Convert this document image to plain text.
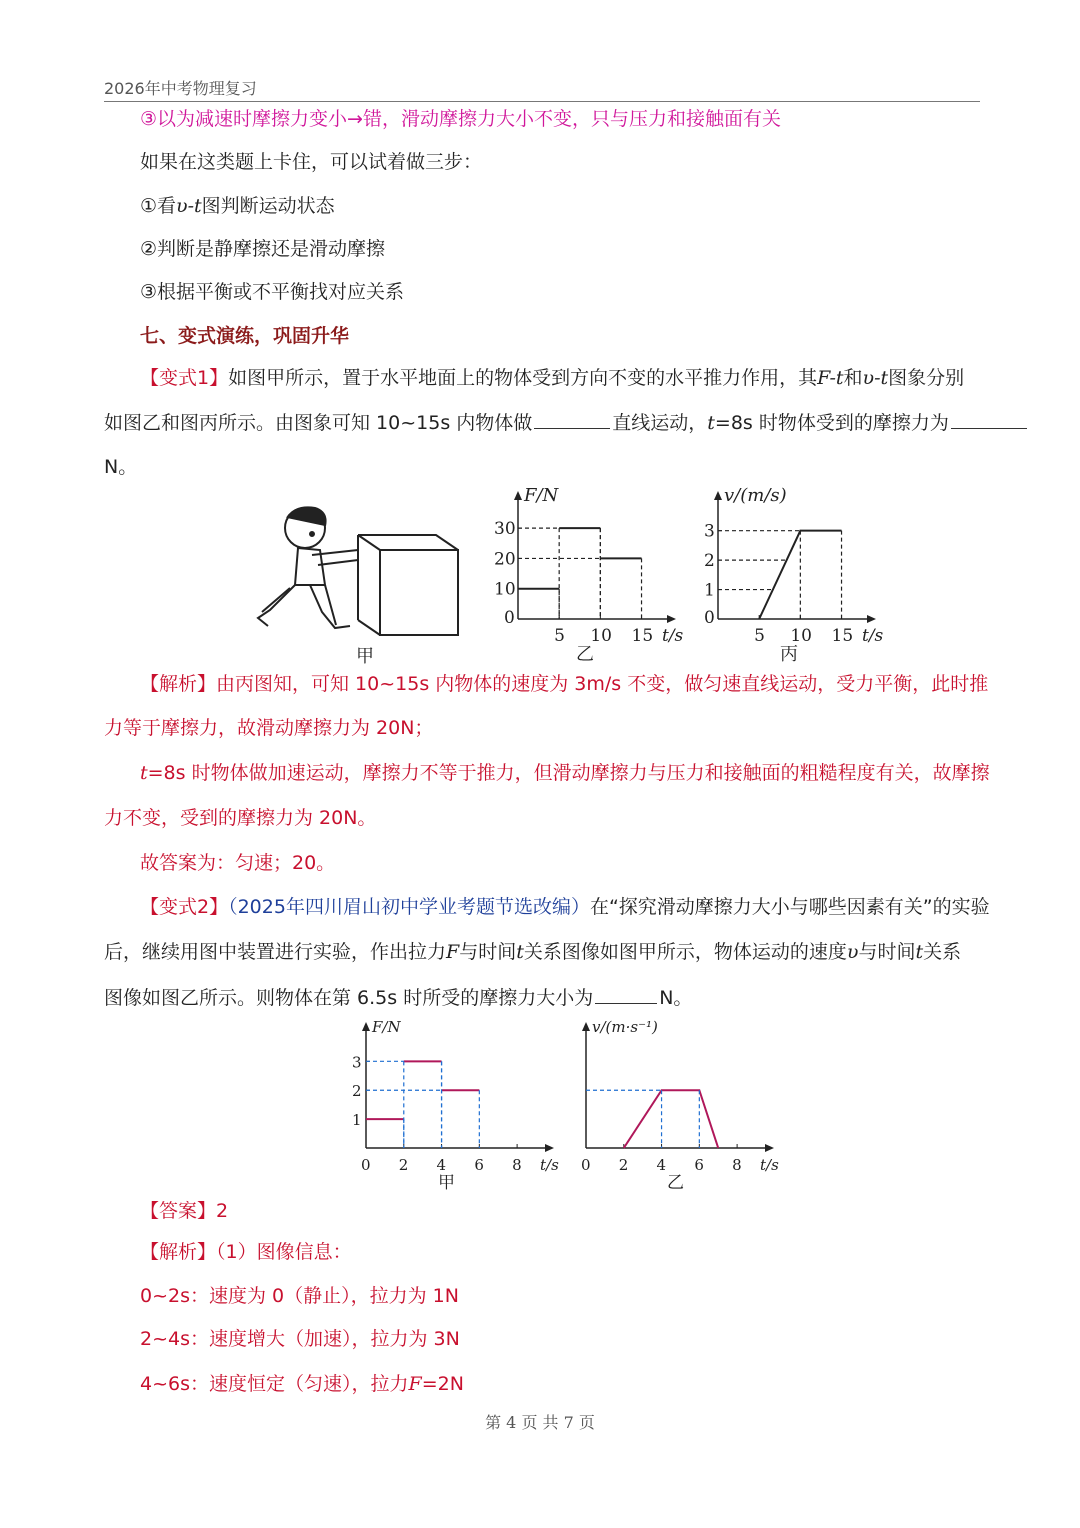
2026年中考物理复习
③以为减速时摩擦力变小→错，滑动摩擦力大小不变，只与压力和接触面有关
如果在这类题上卡住，可以试着做三步：
①看υ-t图判断运动状态
②判断是静摩擦还是滑动摩擦
③根据平衡或不平衡找对应关系
七、变式演练，巩固升华
【变式1】如图甲所示，置于水平地面上的物体受到方向不变的水平推力作用，其F-t和υ-t图象分别
如图乙和图丙所示。由图象可知 10~15s 内物体做	直线运动，t=8s 时物体受到的摩擦力为
N。
甲	乙
F/N
t/s
0
5 10 15
10
20
30
丙
v/(m/s)
t/s
0
5 10 15
1
2
3
【解析】由丙图知，可知 10~15s 内物体的速度为 3m/s 不变，做匀速直线运动，受力平衡，此时推
力等于摩擦力，故滑动摩擦力为 20N；
t=8s 时物体做加速运动，摩擦力不等于推力，但滑动摩擦力与压力和接触面的粗糙程度有关，故摩擦
力不变，受到的摩擦力为 20N。
故答案为：匀速；20。
【变式2】（2025年四川眉山初中学业考题节选改编）在“探究滑动摩擦力大小与哪些因素有关”的实验
后，继续用图中装置进行实验，作出拉力F与时间t关系图像如图甲所示，物体运动的速度υ与时间t关系
图像如图乙所示。则物体在第 6.5s 时所受的摩擦力大小为	N。
甲
F/N
t/s
0 2 4 6 8
1
2
3
乙
v/(m·s⁻¹)
t/s
0 2 4 6 8
【答案】2
【解析】（1）图像信息：
0~2s：速度为 0（静止），拉力为 1N
2~4s：速度增大（加速），拉力为 3N
4~6s：速度恒定（匀速），拉力F=2N
第 4 页 共 7 页
